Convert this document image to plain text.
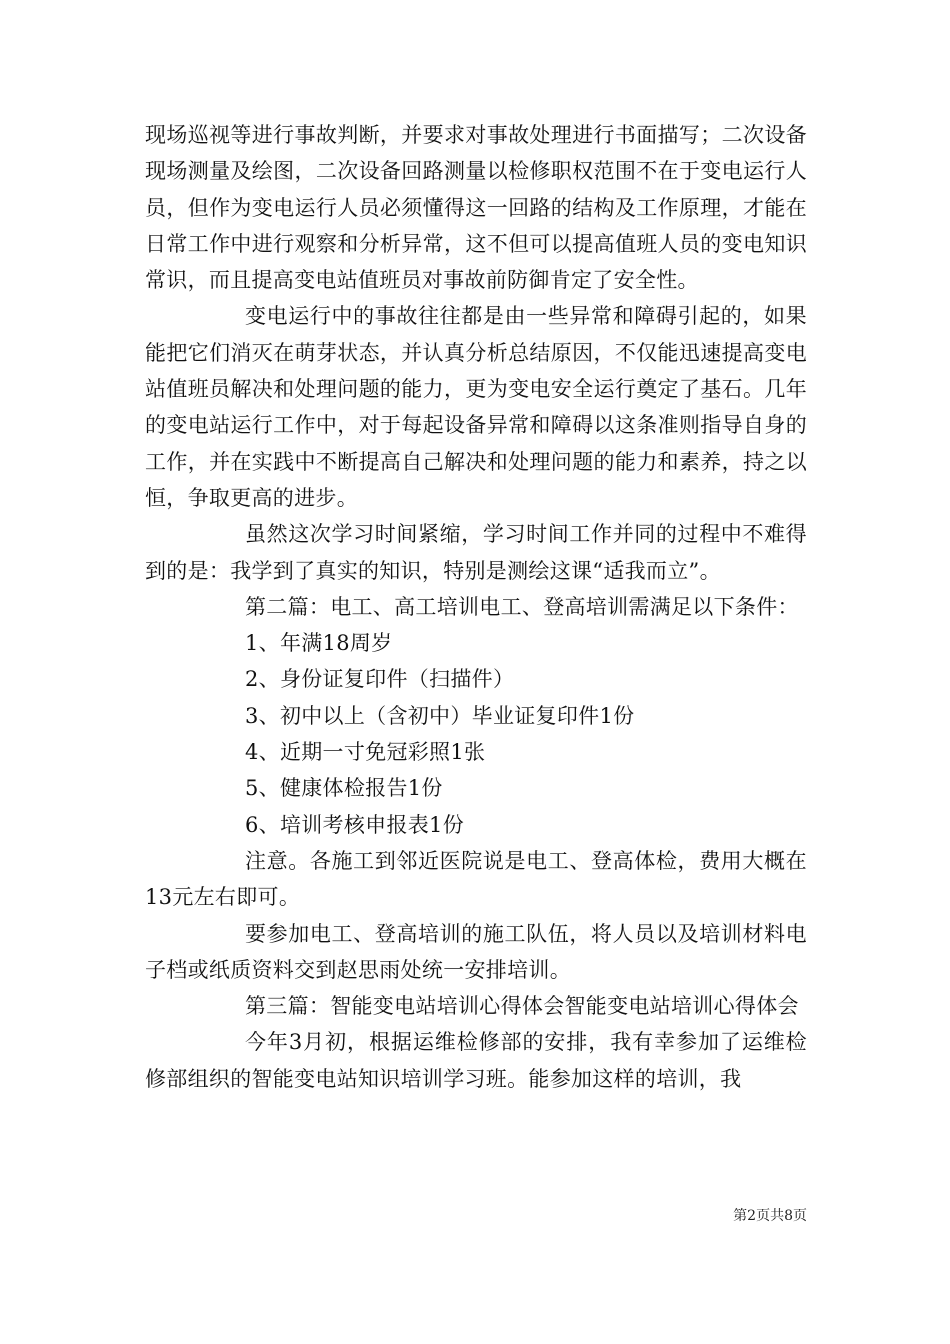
现场巡视等进行事故判断，并要求对事故处理进行书面描写；二次设备现场测量及绘图，二次设备回路测量以检修职权范围不在于变电运行人员，但作为变电运行人员必须懂得这一回路的结构及工作原理，才能在日常工作中进行观察和分析异常，这不但可以提高值班人员的变电知识常识，而且提高变电站值班员对事故前防御肯定了安全性。

变电运行中的事故往往都是由一些异常和障碍引起的，如果能把它们消灭在萌芽状态，并认真分析总结原因，不仅能迅速提高变电站值班员解决和处理问题的能力，更为变电安全运行奠定了基石。几年的变电站运行工作中，对于每起设备异常和障碍以这条准则指导自身的工作，并在实践中不断提高自己解决和处理问题的能力和素养，持之以恒，争取更高的进步。

虽然这次学习时间紧缩，学习时间工作并同的过程中不难得到的是：我学到了真实的知识，特别是测绘这课“适我而立”。

第二篇：电工、高工培训电工、登高培训需满足以下条件：

1、年满18周岁

2、身份证复印件（扫描件）

3、初中以上（含初中）毕业证复印件1份

4、近期一寸免冠彩照1张

5、健康体检报告1份

6、培训考核申报表1份

注意。各施工到邻近医院说是电工、登高体检，费用大概在13元左右即可。

要参加电工、登高培训的施工队伍，将人员以及培训材料电子档或纸质资料交到赵思雨处统一安排培训。

第三篇：智能变电站培训心得体会智能变电站培训心得体会

今年3月初，根据运维检修部的安排，我有幸参加了运维检修部组织的智能变电站知识培训学习班。能参加这样的培训，我

第2页共8页
